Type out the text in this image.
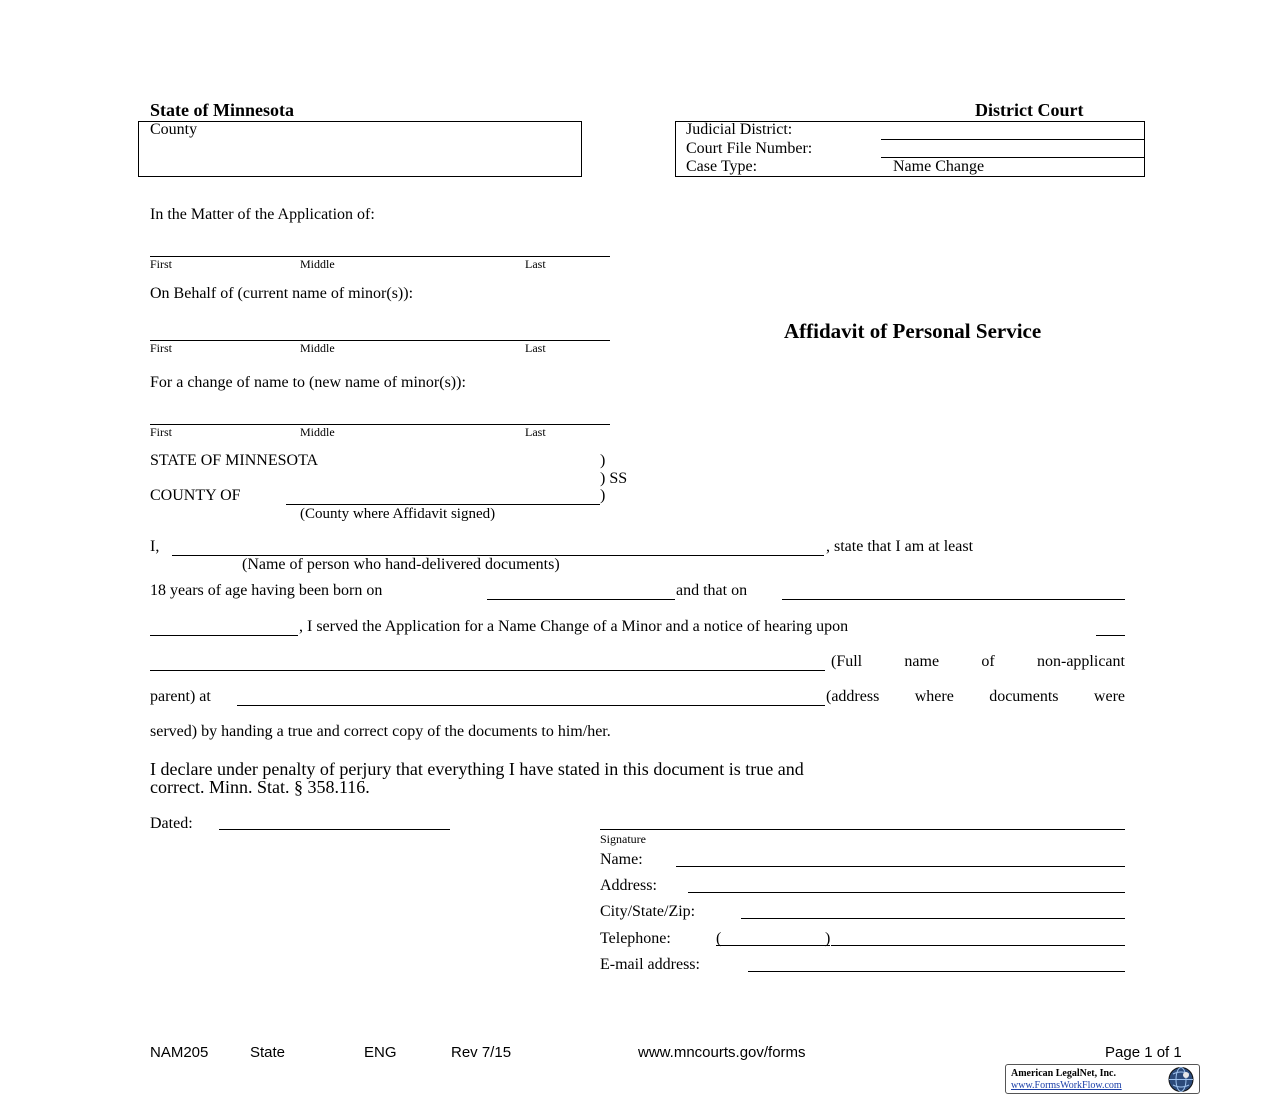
State of Minnesota	District Court
County	Judicial District:
Court File Number:
Case Type:	Name Change
In the Matter of the Application of:
First	Middle	Last
On Behalf of (current name of minor(s)):
First	Middle	Last
Affidavit of Personal Service
For a change of name to (new name of minor(s)):
First	Middle	Last
STATE OF MINNESOTA	)
) SS
COUNTY OF	)
(County where Affidavit signed)
I,	, state that I am at least
(Name of person who hand-delivered documents)
18 years of age having been born on	and that on
, I served the Application for a Name Change of a Minor and a notice of hearing upon
(Full	name	of	non-applicant
parent) at	(address where documents were
served) by handing a true and correct copy of the documents to him/her.
I declare under penalty of perjury that everything I have stated in this document is true and
correct. Minn. Stat. § 358.116.
Dated:
Signature
Name:
Address:
City/State/Zip:
Telephone:	(	)
E-mail address:
NAM205	State	ENG	Rev 7/15	www.mncourts.gov/forms	Page 1 of 1
American LegalNet, Inc.
www.FormsWorkFlow.com
